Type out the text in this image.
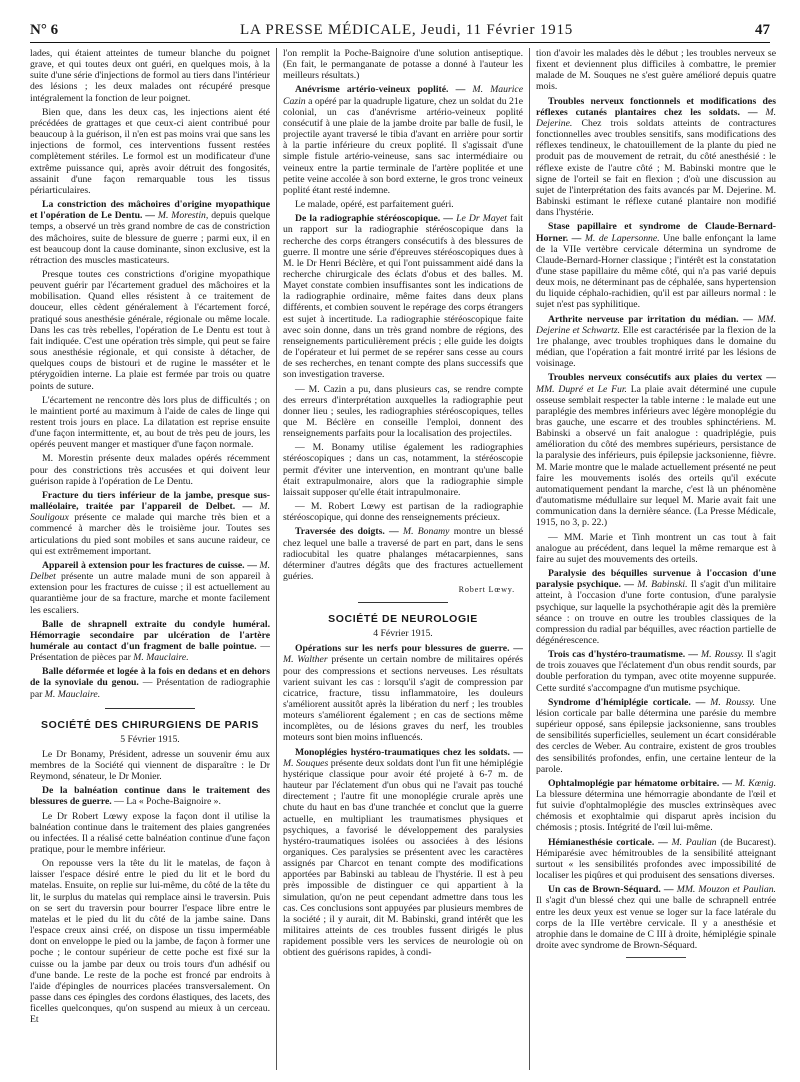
N° 6	LA PRESSE MÉDICALE, Jeudi, 11 Février 1915	47

lades, qui étaient atteintes de tumeur blanche du poignet grave, et qui toutes deux ont guéri, en quelques mois, à la suite d'une série d'injections de formol au tiers dans l'intérieur des lésions ; les deux malades ont récupéré presque intégralement la fonction de leur poignet.

Bien que, dans les deux cas, les injections aient été précédées de grattages et que ceux-ci aient contribué pour beaucoup à la guérison, il n'en est pas moins vrai que sans les injections de formol, ces interventions fussent restées complètement stériles. Le formol est un modificateur d'une extrême puissance qui, après avoir détruit des fongosités, assainit d'une façon remarquable tous les tissus périarticulaires.

La constriction des mâchoires d'origine myopathique et l'opération de Le Dentu. — M. Morestin, depuis quelque temps, a observé un très grand nombre de cas de constriction des mâchoires, suite de blessure de guerre ; parmi eux, il en est beaucoup dont la cause dominante, sinon exclusive, est la rétraction des muscles masticateurs.

Presque toutes ces constrictions d'origine myopathique peuvent guérir par l'écartement graduel des mâchoires et la mobilisation. Quand elles résistent à ce traitement de douceur, elles cèdent généralement à l'écartement forcé, pratiqué sous anesthésie générale, régionale ou même locale. Dans les cas très rebelles, l'opération de Le Dentu est tout à fait indiquée. C'est une opération très simple, qui peut se faire sous anesthésie régionale, et qui consiste à détacher, de quelques coups de bistouri et de rugine le masséter et le ptérygoïdien interne. La plaie est fermée par trois ou quatre points de suture.

L'écartement ne rencontre dès lors plus de difficultés ; on le maintient porté au maximum à l'aide de cales de linge qui restent trois jours en place. La dilatation est reprise ensuite d'une façon intermittente, et, au bout de très peu de jours, les opérés peuvent manger et mastiquer d'une façon normale.

M. Morestin présente deux malades opérés récemment pour des constrictions très accusées et qui doivent leur guérison rapide à l'opération de Le Dentu.

Fracture du tiers inférieur de la jambe, presque sus-malléolaire, traitée par l'appareil de Delbet. — M. Souligoux présente ce malade qui marche très bien et a commencé à marcher dès le troisième jour. Toutes ses articulations du pied sont mobiles et sans aucune raideur, ce qui est extrêmement important.

Appareil à extension pour les fractures de cuisse. — M. Delbet présente un autre malade muni de son appareil à extension pour les fractures de cuisse ; il est actuellement au quarantième jour de sa fracture, marche et monte facilement les escaliers.

Balle de shrapnell extraite du condyle huméral. Hémorragie secondaire par ulcération de l'artère humérale au contact d'un fragment de balle pointue. — Présentation de pièces par M. Mauclaire.

Balle déformée et logée à la fois en dedans et en dehors de la synoviale du genou. — Présentation de radiographie par M. Mauclaire.

SOCIÉTÉ DES CHIRURGIENS DE PARIS
5 Février 1915.

Le Dr Bonamy, Président, adresse un souvenir ému aux membres de la Société qui viennent de disparaître : le Dr Reymond, sénateur, le Dr Monier.

De la balnéation continue dans le traitement des blessures de guerre. — La « Poche-Baignoire ».

Le Dr Robert Lœwy expose la façon dont il utilise la balnéation continue dans le traitement des plaies gangrenées ou infectées. Il a réalisé cette balnéation continue d'une façon pratique, pour le membre inférieur.

On repousse vers la tête du lit le matelas, de façon à laisser l'espace désiré entre le pied du lit et le bord du matelas. Ensuite, on replie sur lui-même, du côté de la tête du lit, le surplus du matelas qui remplace ainsi le traversin. Puis on se sert du traversin pour bourrer l'espace libre entre le matelas et le pied du lit du côté de la jambe saine. Dans l'espace creux ainsi créé, on dispose un tissu imperméable dont on enveloppe le pied ou la jambe, de façon à former une poche ; le contour supérieur de cette poche est fixé sur la cuisse ou la jambe par deux ou trois tours d'un adhésif ou d'une bande. Le reste de la poche est froncé par endroits à l'aide d'épingles de nourrices placées transversalement. On passe dans ces épingles des cordons élastiques, des lacets, des ficelles quelconques, qu'on suspend au mieux à un cerceau. Et

l'on remplit la Poche-Baignoire d'une solution antiseptique. (En fait, le permanganate de potasse a donné à l'auteur les meilleurs résultats.)

Anévrisme artério-veineux poplité. — M. Maurice Cazin a opéré par la quadruple ligature, chez un soldat du 21e colonial, un cas d'anévrisme artério-veineux poplité consécutif à une plaie de la jambe droite par balle de fusil, le projectile ayant traversé le tibia d'avant en arrière pour sortir à la partie inférieure du creux poplité. Il s'agissait d'une simple fistule artério-veineuse, sans sac intermédiaire ou veineux entre la partie terminale de l'artère poplitée et une petite veine accolée à son bord externe, le gros tronc veineux poplité étant resté indemne.

Le malade, opéré, est parfaitement guéri.

De la radiographie stéréoscopique. — Le Dr Mayet fait un rapport sur la radiographie stéréoscopique dans la recherche des corps étrangers consécutifs à des blessures de guerre. Il montre une série d'épreuves stéréoscopiques dues à M. le Dr Henri Béclère, et qui l'ont puissamment aidé dans la recherche chirurgicale des éclats d'obus et des balles. M. Mayet constate combien insuffisantes sont les indications de la radiographie ordinaire, même faites dans deux plans différents, et combien souvent le repérage des corps étrangers est sujet à incertitude. La radiographie stéréoscopique faite avec soin donne, dans un très grand nombre de régions, des renseignements particulièrement précis ; elle guide les doigts de l'opérateur et lui permet de se repérer sans cesse au cours de ses recherches, en tenant compte des plans successifs que son investigation traverse.

— M. Cazin a pu, dans plusieurs cas, se rendre compte des erreurs d'interprétation auxquelles la radiographie peut donner lieu ; seules, les radiographies stéréoscopiques, telles que M. Béclère en conseille l'emploi, donnent des renseignements parfaits pour la localisation des projectiles.

— M. Bonamy utilise également les radiographies stéréoscopiques ; dans un cas, notamment, la stéréoscopie permit d'éviter une intervention, en montrant qu'une balle était extrapulmonaire, alors que la radiographie simple laissait supposer qu'elle était intrapulmonaire.

— M. Robert Lœwy est partisan de la radiographie stéréoscopique, qui donne des renseignements précieux.

Traversée des doigts. — M. Bonamy montre un blessé chez lequel une balle a traversé de part en part, dans le sens radiocubital les quatre phalanges métacarpiennes, sans déterminer d'autres dégâts que des fractures actuellement guéries.

Robert Lœwy.
SOCIÉTÉ DE NEUROLOGIE
4 Février 1915.

Opérations sur les nerfs pour blessures de guerre. — M. Walther présente un certain nombre de militaires opérés pour des compressions et sections nerveuses. Les résultats varient suivant les cas : lorsqu'il s'agit de compression par cicatrice, fracture, tissu inflammatoire, les douleurs s'améliorent aussitôt après la libération du nerf ; les troubles moteurs s'améliorent également ; en cas de sections même incomplètes, ou de lésions graves du nerf, les troubles moteurs sont bien moins influencés.

Monoplégies hystéro-traumatiques chez les soldats. — M. Souques présente deux soldats dont l'un fit une hémiplégie hystérique classique pour avoir été projeté à 6-7 m. de hauteur par l'éclatement d'un obus qui ne l'avait pas touché directement ; l'autre fit une monoplégie crurale après une chute du haut en bas d'une tranchée et conclut que la guerre actuelle, en multipliant les traumatismes physiques et psychiques, a favorisé le développement des paralysies hystéro-traumatiques isolées ou associées à des lésions organiques. Ces paralysies se présentent avec les caractères assignés par Charcot en tenant compte des modifications apportées par Babinski au tableau de l'hystérie. Il est à peu près impossible de distinguer ce qui appartient à la simulation, qu'on ne peut cependant admettre dans tous les cas. Ces conclusions sont appuyées par plusieurs membres de la société ; il y aurait, dit M. Babinski, grand intérêt que les militaires atteints de ces troubles fussent dirigés le plus rapidement possible vers les services de neurologie où on obtient des guérisons rapides, à condi-

tion d'avoir les malades dès le début ; les troubles nerveux se fixent et deviennent plus difficiles à combattre, le premier malade de M. Souques ne s'est guère amélioré depuis quatre mois.

Troubles nerveux fonctionnels et modifications des réflexes cutanés plantaires chez les soldats. — M. Dejerine. Chez trois soldats atteints de contractures fonctionnelles avec troubles sensitifs, sans modifications des réflexes tendineux, le chatouillement de la plante du pied ne produit pas de mouvement de retrait, du côté anesthésié : le réflexe existe de l'autre côté ; M. Babinski montre que le signe de l'orteil se fait en flexion ; d'où une discussion au sujet de l'interprétation des faits avancés par M. Dejerine. M. Babinski estimant le réflexe cutané plantaire non modifié dans l'hystérie.

Stase papillaire et syndrome de Claude-Bernard-Horner. — M. de Lapersonne. Une balle enfonçant la lame de la VIIe vertèbre cervicale détermina un syndrome de Claude-Bernard-Horner classique ; l'intérêt est la constatation d'une stase papillaire du même côté, qui n'a pas varié depuis deux mois, ne déterminant pas de céphalée, sans hypertension du liquide céphalo-rachidien, qu'il est par ailleurs normal : le sujet n'est pas syphilitique.

Arthrite nerveuse par irritation du médian. — MM. Dejerine et Schwartz. Elle est caractérisée par la flexion de la 1re phalange, avec troubles trophiques dans le domaine du médian, que l'opération a fait montré irrité par les lésions de voisinage.

Troubles nerveux consécutifs aux plaies du vertex — MM. Dupré et Le Fur. La plaie avait déterminé une cupule osseuse semblait respecter la table interne : le malade eut une paraplégie des membres inférieurs avec légère monoplégie du bras gauche, une escarre et des troubles sphinctériens. M. Babinski a observé un fait analogue : quadriplégie, puis amélioration du côté des membres supérieurs, persistance de la paralysie des inférieurs, puis épilepsie jacksonienne, fièvre. M. Marie montre que le malade actuellement présenté ne peut faire les mouvements isolés des orteils qu'il exécute automatiquement pendant la marche, c'est là un phénomène d'automatisme médullaire sur lequel M. Marie avait fait une communication dans la dernière séance. (La Presse Médicale, 1915, no 3, p. 22.)

— MM. Marie et Tinh montrent un cas tout à fait analogue au précédent, dans lequel la même remarque est à faire au sujet des mouvements des orteils.

Paralysie des béquilles survenue à l'occasion d'une paralysie psychique. — M. Babinski. Il s'agit d'un militaire atteint, à l'occasion d'une forte contusion, d'une paralysie psychique, sur laquelle la psychothérapie agit dès la première séance : on trouve en outre les troubles classiques de la compression du radial par béquilles, avec réaction partielle de dégénérescence.

Trois cas d'hystéro-traumatisme. — M. Roussy. Il s'agit de trois zouaves que l'éclatement d'un obus rendit sourds, par double perforation du tympan, avec otite moyenne suppurée. Cette surdité s'accompagne d'un mutisme psychique.

Syndrome d'hémiplégie corticale. — M. Roussy. Une lésion corticale par balle détermina une parésie du membre supérieur opposé, sans épilepsie jacksonienne, sans troubles de sensibilités superficielles, seulement un écart considérable des cercles de Weber. Au contraire, existent de gros troubles des sensibilités profondes, enfin, une certaine lenteur de la parole.

Ophtalmoplégie par hématome orbitaire. — M. Kœnig. La blessure détermina une hémorragie abondante de l'œil et fut suivie d'ophtalmoplégie des muscles extrinsèques avec chémosis et exophtalmie qui disparut après incision du chémosis ; ptosis. Intégrité de l'œil lui-même.

Hémianesthésie corticale. — M. Paulian (de Bucarest). Hémiparésie avec hémitroubles de la sensibilité atteignant surtout « les sensibilités profondes avec impossibilité de localiser les piqûres et qui produisent des sensations diverses.

Un cas de Brown-Séquard. — MM. Mouzon et Paulian. Il s'agit d'un blessé chez qui une balle de schrapnell entrée entre les deux yeux est venue se loger sur la face latérale du corps de la IIIe vertèbre cervicale. Il y a anesthésie et atrophie dans le domaine de C III à droite, hémiplégie spinale droite avec syndrome de Brown-Séquard.
